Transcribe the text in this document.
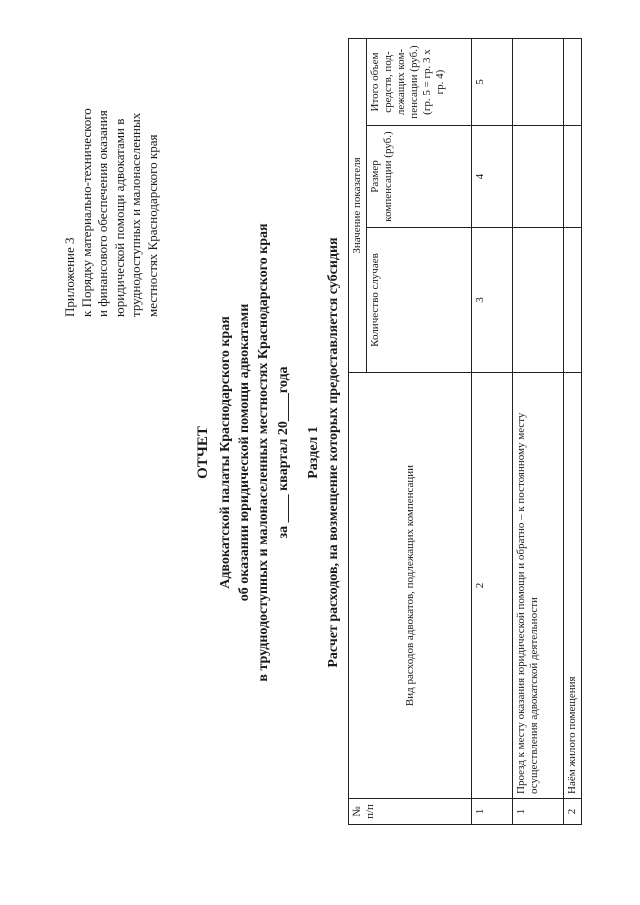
Приложение 3 к Порядку материально-технического и финансового обеспечения оказания юридической помощи адвокатами в труднодоступных и малонаселенных местностях Краснодарского края
ОТЧЕТ Адвокатской палаты Краснодарского края об оказании юридической помощи адвокатами в труднодоступных и малонаселенных местностях Краснодарского края за ____ квартал 20____года Раздел 1 Расчет расходов, на возмещение которых предоставляется субсидия
№ п/п	Вид расходов адвокатов, подлежащих компенсации	Значение показателя		
		Количество случаев	Размер компенсации (руб.)	Итого объем средств, под-лежащих ком-пенсации (руб.) (гр. 5 = гр. 3 х гр. 4)
1	2	3	4	5
1	Проезд к месту оказания юридической помощи и обратно – к постоянному месту осуществления адвокатской деятельности			
2	Наём жилого помещения			
